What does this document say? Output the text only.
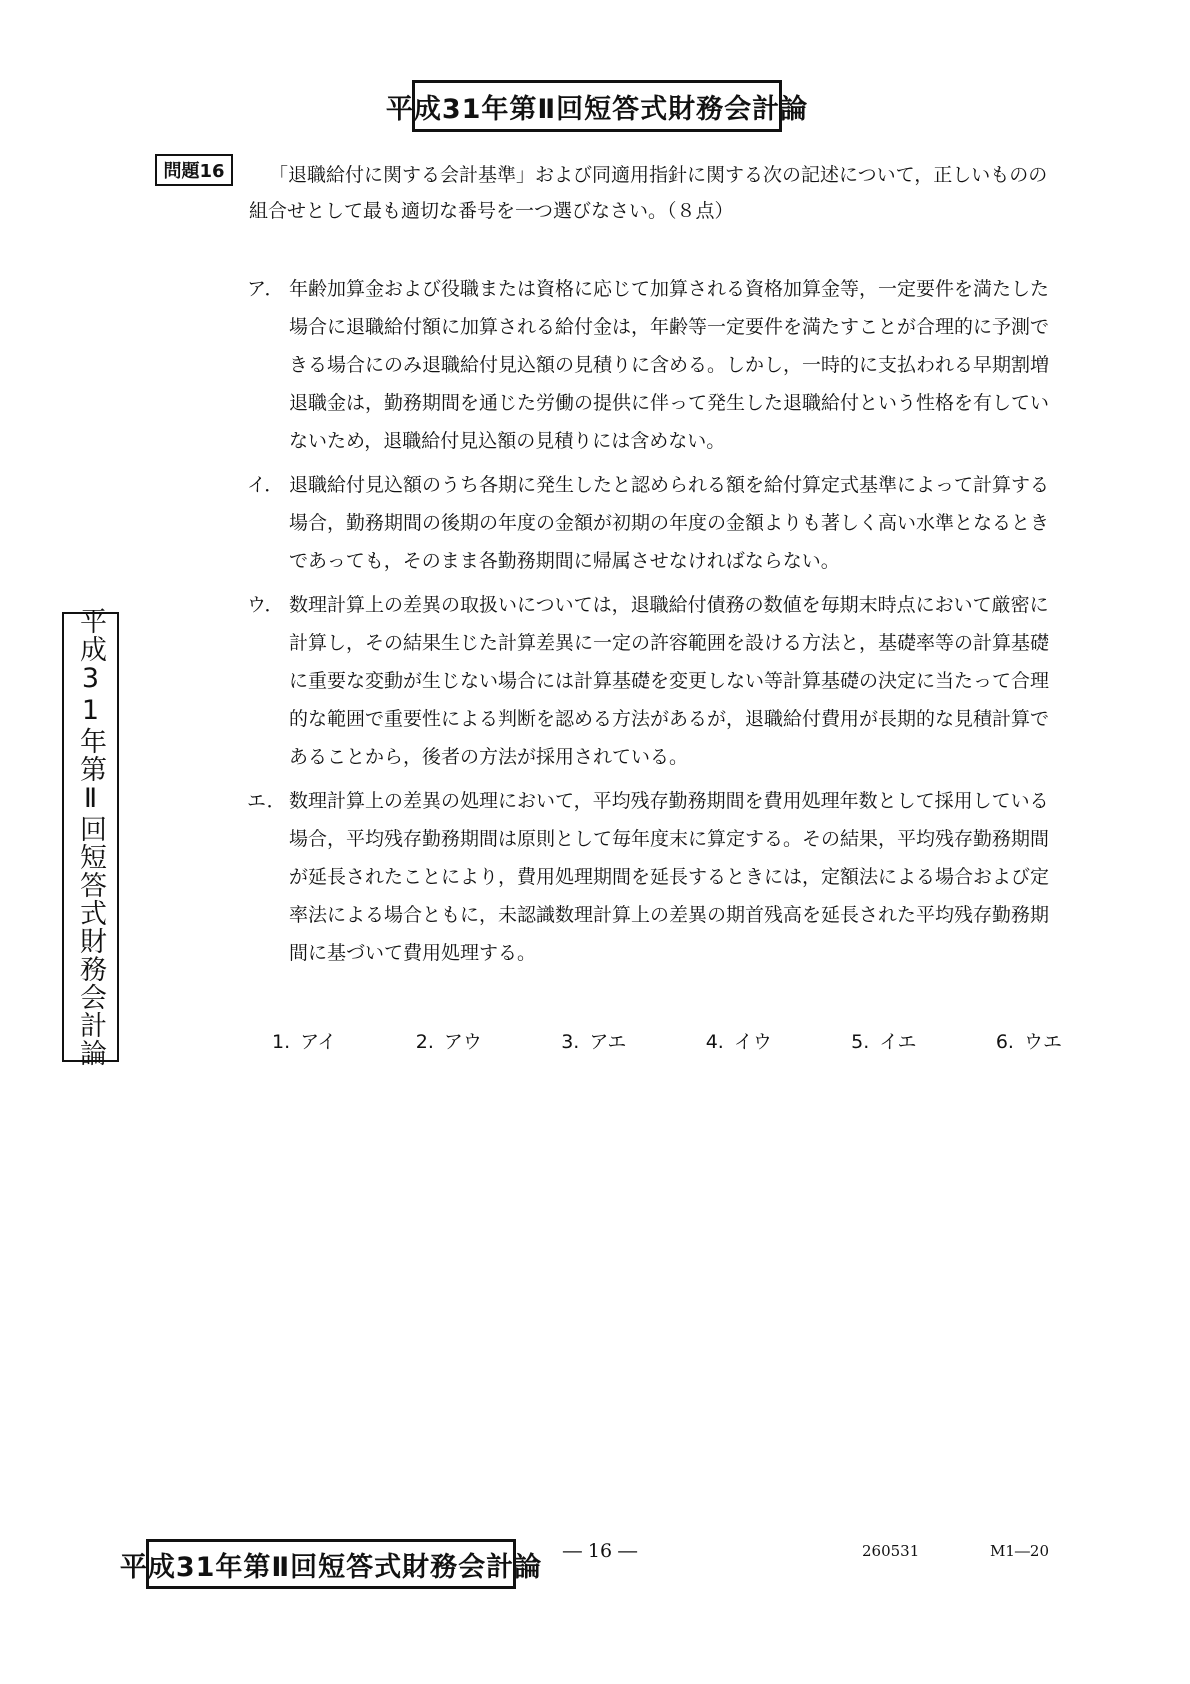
平成31年第Ⅱ回短答式財務会計論
問題16	「退職給付に関する会計基準」および同適用指針に関する次の記述について，正しいものの組合せとして最も適切な番号を一つ選びなさい。（８点）

ア． 年齢加算金および役職または資格に応じて加算される資格加算金等，一定要件を満たした場合に退職給付額に加算される給付金は，年齢等一定要件を満たすことが合理的に予測できる場合にのみ退職給付見込額の見積りに含める。しかし，一時的に支払われる早期割増退職金は，勤務期間を通じた労働の提供に伴って発生した退職給付という性格を有していないため，退職給付見込額の見積りには含めない。
イ． 退職給付見込額のうち各期に発生したと認められる額を給付算定式基準によって計算する場合，勤務期間の後期の年度の金額が初期の年度の金額よりも著しく高い水準となるときであっても，そのまま各勤務期間に帰属させなければならない。
ウ． 数理計算上の差異の取扱いについては，退職給付債務の数値を毎期末時点において厳密に計算し，その結果生じた計算差異に一定の許容範囲を設ける方法と，基礎率等の計算基礎に重要な変動が生じない場合には計算基礎を変更しない等計算基礎の決定に当たって合理的な範囲で重要性による判断を認める方法があるが，退職給付費用が長期的な見積計算であることから，後者の方法が採用されている。
エ． 数理計算上の差異の処理において，平均残存勤務期間を費用処理年数として採用している場合，平均残存勤務期間は原則として毎年度末に算定する。その結果，平均残存勤務期間が延長されたことにより，費用処理期間を延長するときには，定額法による場合および定率法による場合ともに，未認識数理計算上の差異の期首残高を延長された平均残存勤務期間に基づいて費用処理する。
1. アイ	2. アウ	3. アエ	4. イウ	5. イエ	6. ウエ
平成31年第Ⅱ回短答式財務会計論
平成31年第Ⅱ回短答式財務会計論
― 16 ―	260531	M1―20
